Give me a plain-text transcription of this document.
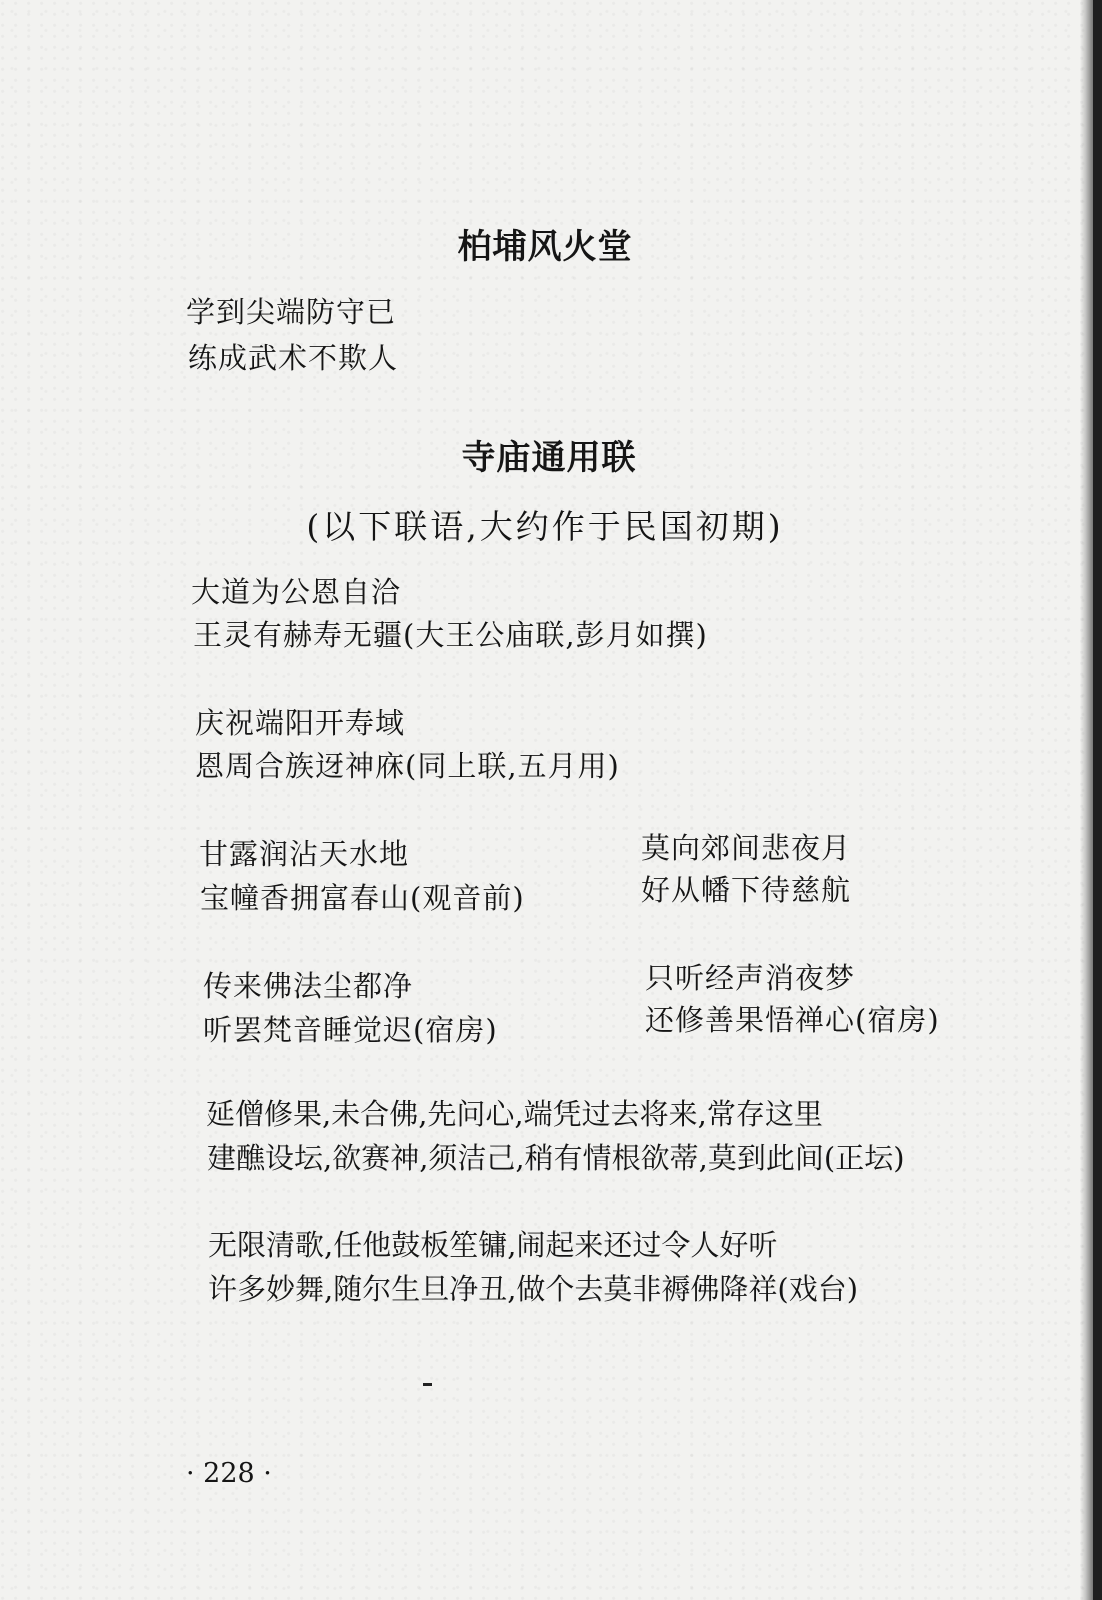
柏埔风火堂
学到尖端防守已
练成武术不欺人
寺庙通用联
(以下联语,大约作于民国初期)
大道为公恩自洽
王灵有赫寿无疆(大王公庙联,彭月如撰)
庆祝端阳开寿域
恩周合族迓神庥(同上联,五月用)
甘露润沾天水地
宝幢香拥富春山(观音前)
莫向郊间悲夜月
好从幡下待慈航
传来佛法尘都净
听罢梵音睡觉迟(宿房)
只听经声消夜梦
还修善果悟禅心(宿房)
延僧修果,未合佛,先问心,端凭过去将来,常存这里
建醮设坛,欲赛神,须洁己,稍有情根欲蒂,莫到此间(正坛)
无限清歌,任他鼓板笙镛,闹起来还过令人好听
许多妙舞,随尔生旦净丑,做个去莫非褥佛降祥(戏台)
· 228 ·
